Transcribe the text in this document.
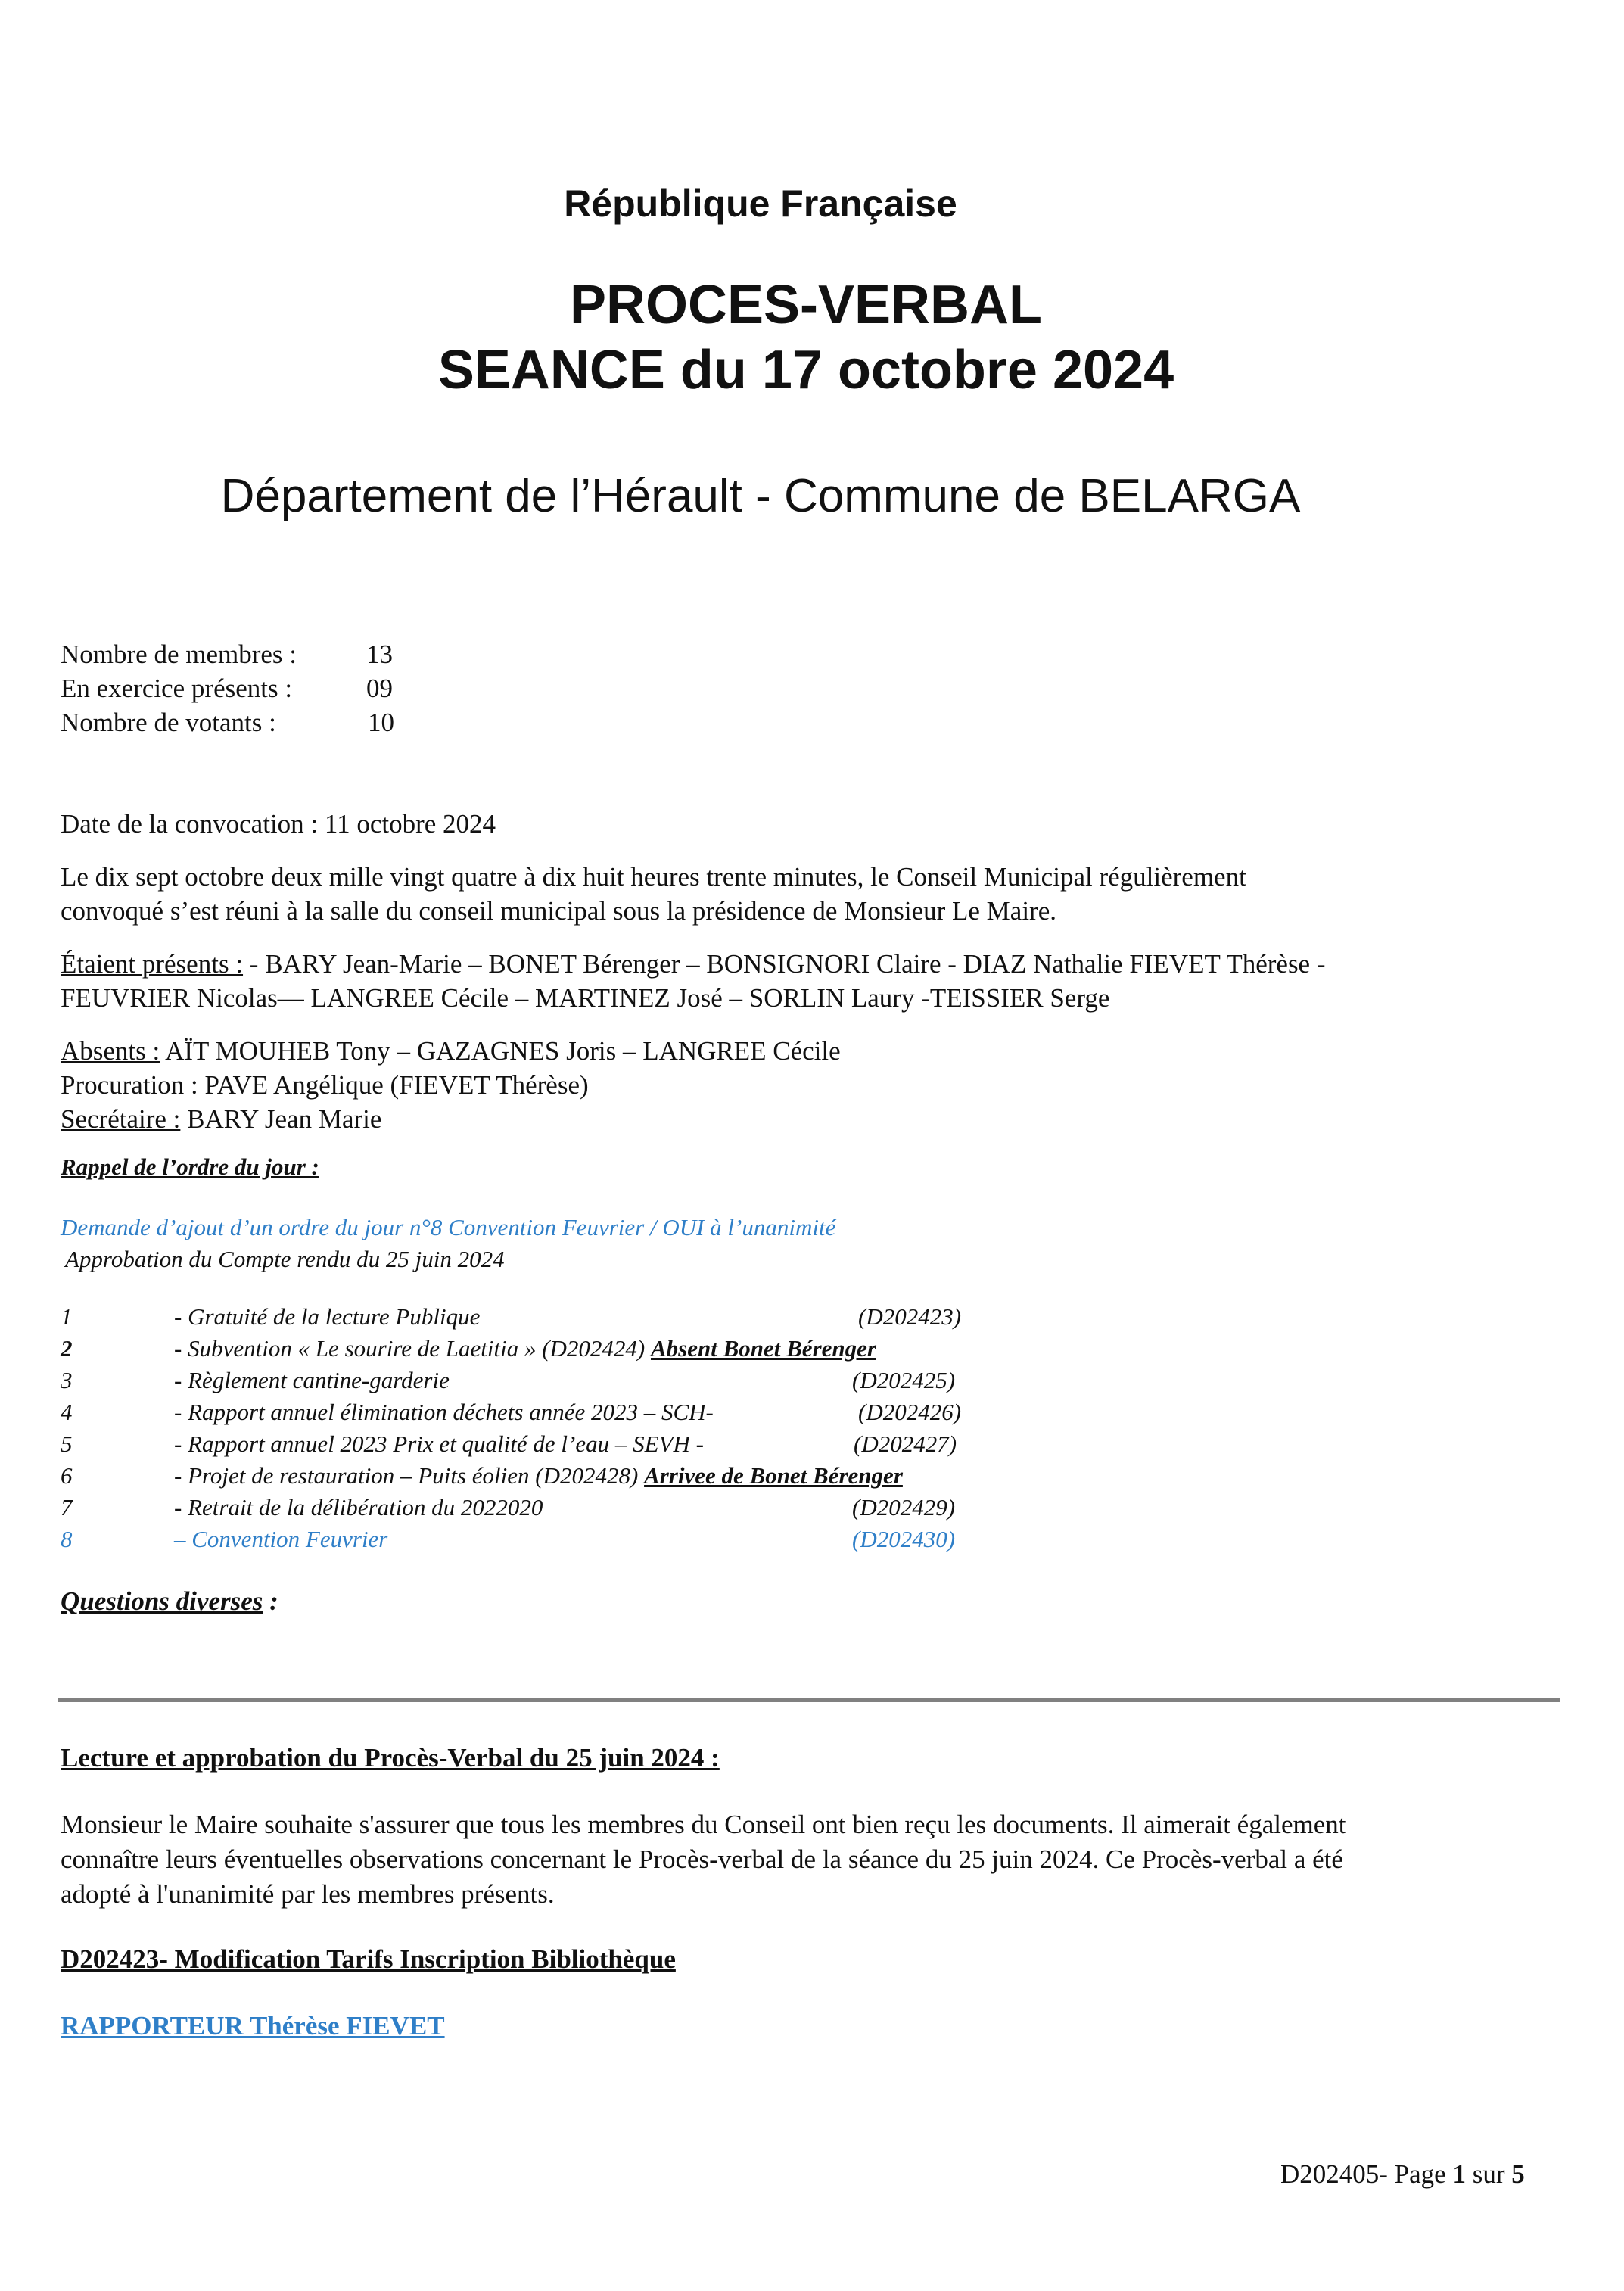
République Française
PROCES-VERBAL
SEANCE du 17 octobre 2024
Département de l’Hérault - Commune de BELARGA
Nombre de membres :	13
En exercice présents :	09
Nombre de votants :	10
Date de la convocation : 11 octobre 2024
Le dix sept octobre deux mille vingt quatre à dix huit heures trente minutes, le Conseil Municipal régulièrement
convoqué s’est réuni à la salle du conseil municipal sous la présidence de Monsieur Le Maire.
Étaient présents : - BARY Jean-Marie – BONET Bérenger – BONSIGNORI Claire - DIAZ Nathalie FIEVET Thérèse -
FEUVRIER Nicolas–– LANGREE Cécile – MARTINEZ José – SORLIN Laury -TEISSIER Serge
Absents : AÏT MOUHEB Tony – GAZAGNES Joris – LANGREE Cécile
Procuration : PAVE Angélique (FIEVET Thérèse)
Secrétaire : BARY Jean Marie
Rappel de l’ordre du jour :
Demande d’ajout d’un ordre du jour n°8 Convention Feuvrier / OUI à l’unanimité
Approbation du Compte rendu du 25 juin 2024
1	- Gratuité de la lecture Publique	(D202423)
2	- Subvention « Le sourire de Laetitia » (D202424) Absent Bonet Bérenger
3	- Règlement cantine-garderie	(D202425)
4	- Rapport annuel élimination déchets année 2023 – SCH-	(D202426)
5	- Rapport annuel 2023 Prix et qualité de l’eau – SEVH -	(D202427)
6	- Projet de restauration – Puits éolien (D202428) Arrivee de Bonet Bérenger
7	- Retrait de la délibération du 2022020	(D202429)
8	– Convention Feuvrier	(D202430)
Questions diverses :
Lecture et approbation du Procès-Verbal du 25 juin 2024 :
Monsieur le Maire souhaite s'assurer que tous les membres du Conseil ont bien reçu les documents. Il aimerait également
connaître leurs éventuelles observations concernant le Procès-verbal de la séance du 25 juin 2024. Ce Procès-verbal a été
adopté à l'unanimité par les membres présents.
D202423- Modification Tarifs Inscription Bibliothèque
RAPPORTEUR Thérèse FIEVET
D202405- Page 1 sur 5
